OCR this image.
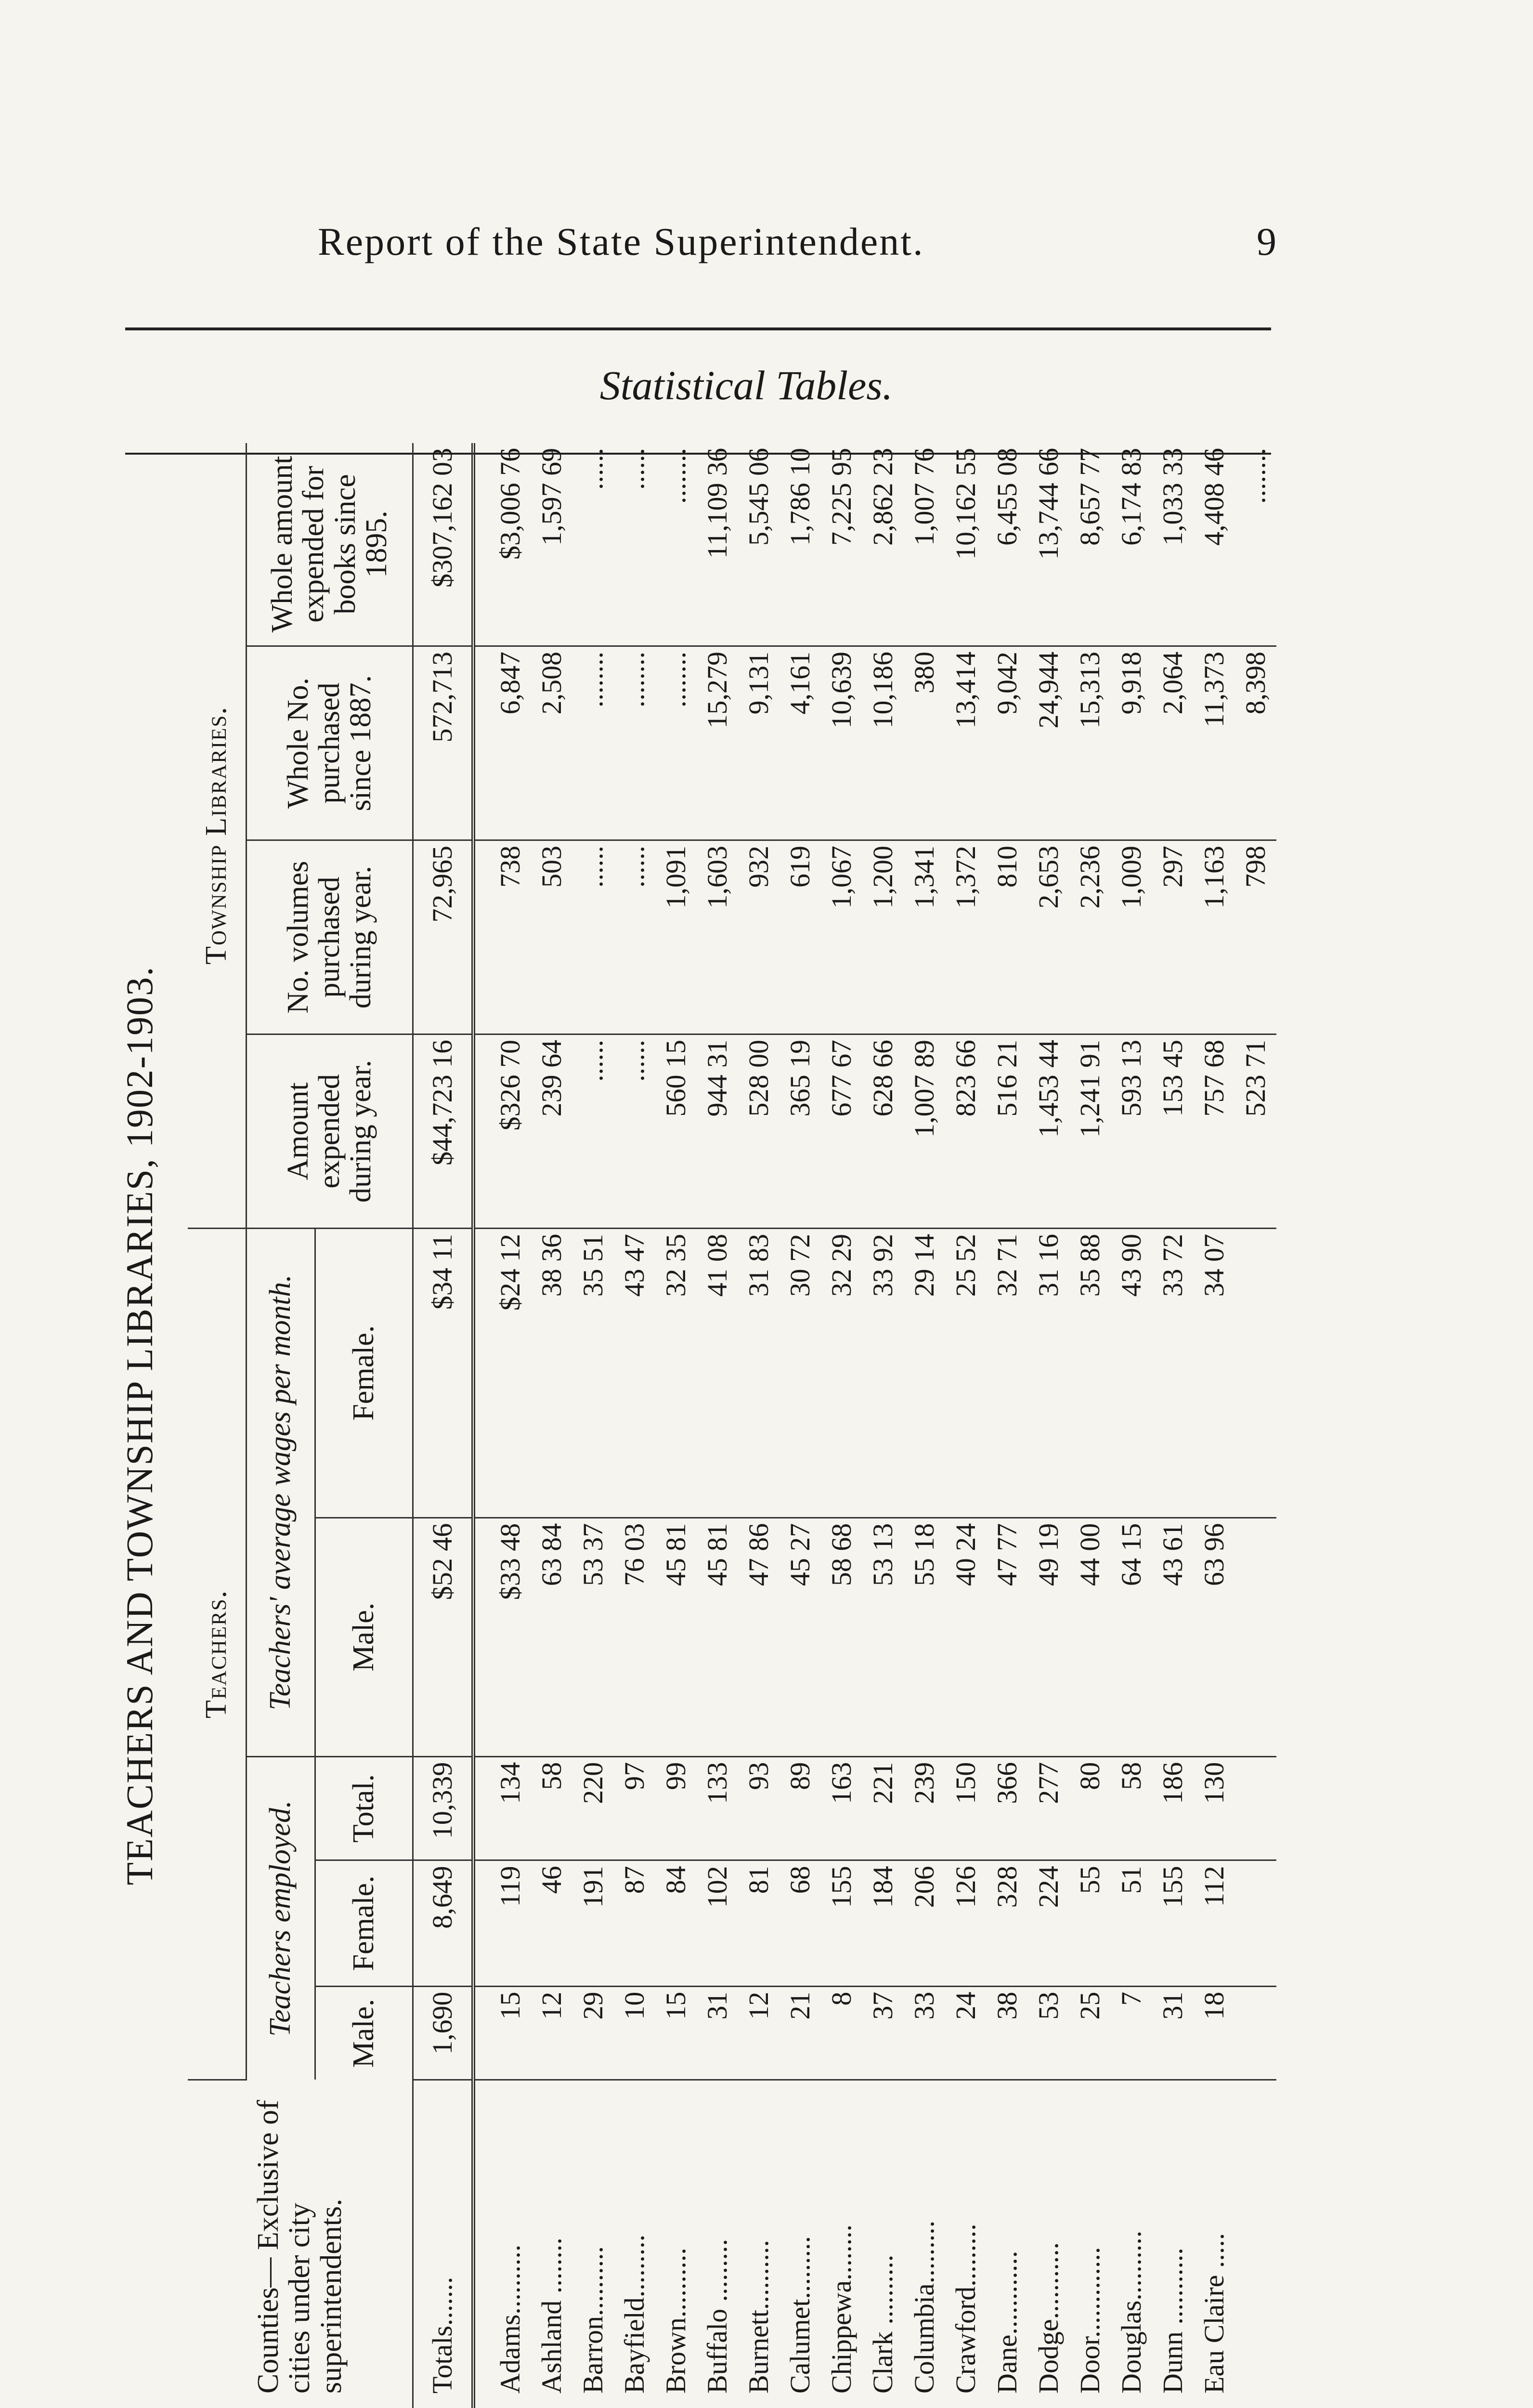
Report of the State Superintendent.	9
Statistical Tables.
TEACHERS AND TOWNSHIP LIBRARIES, 1902-1903.
Counties— Exclusive of cities under city superintendents.	Teachers.					Township Libraries.			
	Teachers employed.			Teachers' average wages per month.		Amount expended during year.	No. volumes purchased during year.	Whole No. purchased since 1887.	Whole amount expended for books since 1895.
	Male.	Female.	Total.	Male.	Female.				
Totals.......	1,690	8,649	10,339	$52 46	$34 11	$44,723 16	72,965	572,713	$307,162 03

Adams..........	15	119	134	$33 48	$24 12	$326 70	738	6,847	$3,006 76
Ashland ........	12	46	58	63 84	38 36	239 64	503	2,508	1,597 69
Barron..........	29	191	220	53 37	35 51	......	......	........	......
Bayfield.........	10	87	97	76 03	43 47	......	......	........	......
Brown..........	15	84	99	45 81	32 35	560 15	1,091	........	........
Buffalo .........	31	102	133	45 81	41 08	944 31	1,603	15,279	11,109 36
Burnett..........	12	81	93	47 86	31 83	528 00	932	9,131	5,545 06
Calumet.........	21	68	89	45 27	30 72	365 19	619	4,161	1,786 10
Chippewa........	8	155	163	58 68	32 29	677 67	1,067	10,639	7,225 95
Clark ..........	37	184	221	53 13	33 92	628 66	1,200	10,186	2,862 23
Columbia.........	33	206	239	55 18	29 14	1,007 89	1,341	380	1,007 76
Crawford.........	24	126	150	40 24	25 52	823 66	1,372	13,414	10,162 55
Dane............	38	328	366	47 77	32 71	516 21	810	9,042	6,455 08
Dodge...........	53	224	277	49 19	31 16	1,453 44	2,653	24,944	13,744 66
Door.............	25	55	80	44 00	35 88	1,241 91	2,236	15,313	8,657 77
Douglas..........	7	51	58	64 15	43 90	593 13	1,009	9,918	6,174 83
Dunn ...........	31	155	186	43 61	33 72	153 45	297	2,064	1,033 33
Eau Claire .....	18	112	130	63 96	34 07	757 68	1,163	11,373	4,408 46
						523 71	798	8,398	........
